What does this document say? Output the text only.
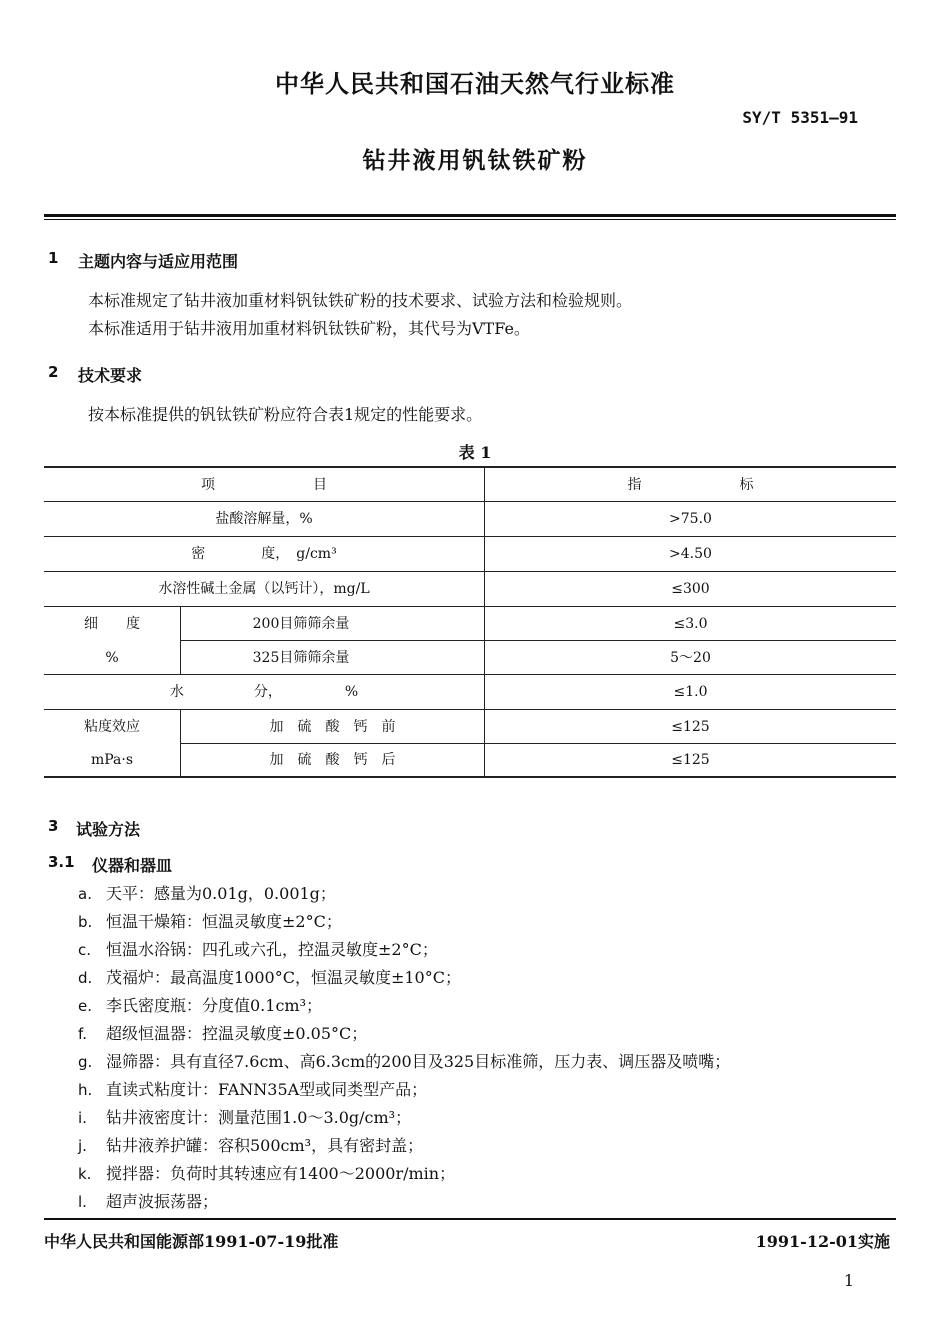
中华人民共和国石油天然气行业标准
SY/T 5351—91
钻井液用钒钛铁矿粉
1 主题内容与适应用范围
本标准规定了钻井液加重材料钒钛铁矿粉的技术要求、试验方法和检验规则。
本标准适用于钻井液用加重材料钒钛铁矿粉，其代号为VTFe。
2 技术要求
按本标准提供的钒钛铁矿粉应符合表1规定的性能要求。
表 1
项　　　　　　　目	指　　　　　　　标
盐酸溶解量，%	>75.0
密　　　　度，　g/cm³	>4.50
水溶性碱土金属（以钙计），mg/L	≤300
细　　度	200目筛筛余量	≤3.0
%	325目筛筛余量	5～20
水　　　　　分，　　　　　%	≤1.0
粘度效应	加　硫　酸　钙　前	≤125
mPa·s	加　硫　酸　钙　后	≤125
3 试验方法
3.1 仪器和器皿
a. 天平：感量为0.01g，0.001g；
b. 恒温干燥箱：恒温灵敏度±2°C；
c. 恒温水浴锅：四孔或六孔，控温灵敏度±2°C；
d. 茂福炉：最高温度1000°C，恒温灵敏度±10°C；
e. 李氏密度瓶：分度值0.1cm³；
f. 超级恒温器：控温灵敏度±0.05°C；
g. 湿筛器：具有直径7.6cm、高6.3cm的200目及325目标准筛，压力表、调压器及喷嘴；
h. 直读式粘度计：FANN35A型或同类型产品；
i. 钻井液密度计：测量范围1.0～3.0g/cm³；
j. 钻井液养护罐：容积500cm³，具有密封盖；
k. 搅拌器：负荷时其转速应有1400～2000r/min；
l. 超声波振荡器；
中华人民共和国能源部1991-07-19批准	1991-12-01实施
1
